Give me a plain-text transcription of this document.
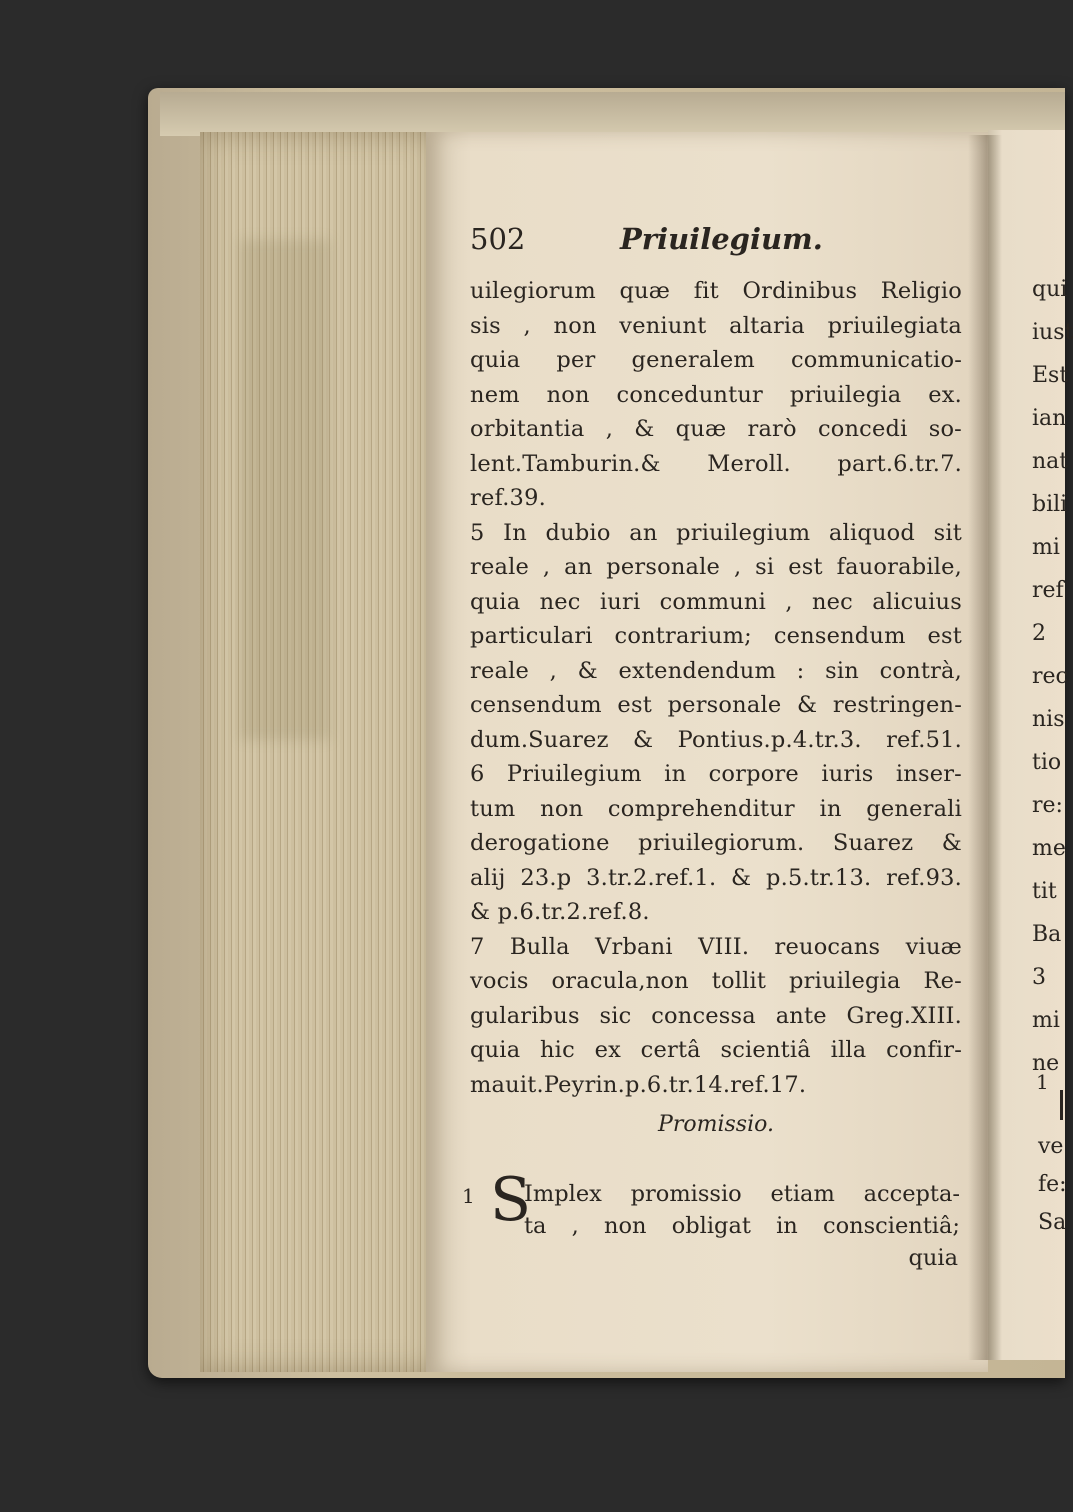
502	Priuilegium.
uilegiorum quæ fit Ordinibus Religio
sis , non veniunt altaria priuilegiata
quia per generalem communicatio-
nem non conceduntur priuilegia ex.
orbitantia , & quæ rarò concedi so-
lent.Tamburin.& Meroll. part.6.tr.7.
ref.39.
5 In dubio an priuilegium aliquod sit
reale , an personale , si est fauorabile,
quia nec iuri communi , nec alicuius
particulari contrarium; censendum est
reale , & extendendum : sin contrà,
censendum est personale & restringen-
dum.Suarez & Pontius.p.4.tr.3. ref.51.
6 Priuilegium in corpore iuris inser-
tum non comprehenditur in generali
derogatione priuilegiorum. Suarez &
alij 23.p 3.tr.2.ref.1. & p.5.tr.13. ref.93.
& p.6.tr.2.ref.8.
7 Bulla Vrbani VIII. reuocans viuæ
vocis oracula,non tollit priuilegia Re-
gularibus sic concessa ante Greg.XIII.
quia hic ex certâ scientiâ illa confir-
mauit.Peyrin.p.6.tr.14.ref.17.
Promissio.
1 S
Implex promissio etiam accepta-
ta , non obligat in conscientiâ;
quia
qui
iust
Est
ian
nat
bili
mi
ref
2
rec
nis
tio
re:
me
tit
Ba
3
mi
ne
1
ve
fe:
Sa
